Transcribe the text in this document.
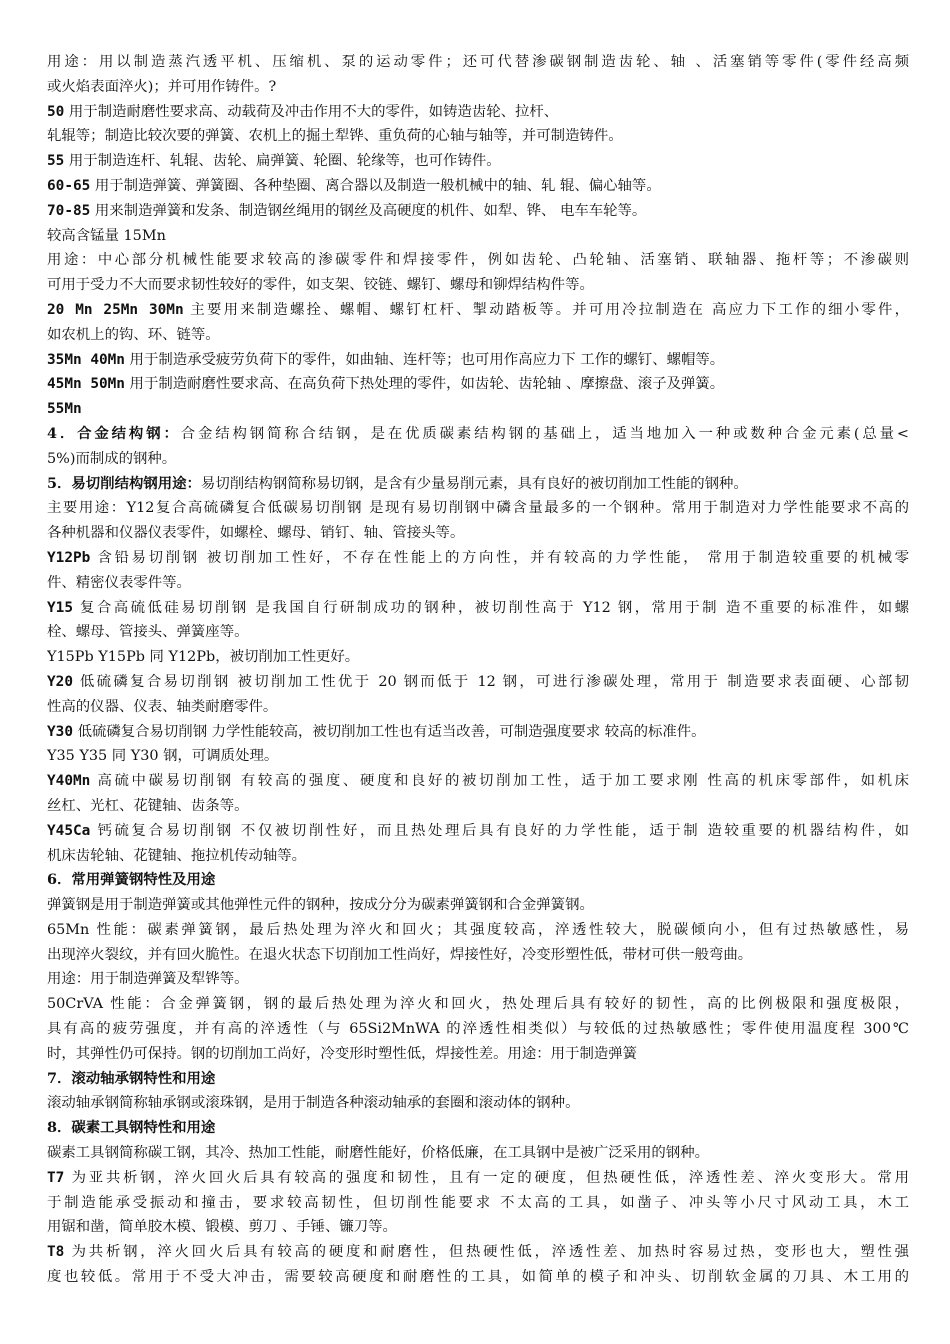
用途：用以制造蒸汽透平机、压缩机、泵的运动零件；还可代替渗碳钢制造齿轮、轴 、活塞销等零件(零件经高频
或火焰表面淬火)；并可用作铸件。?
50 用于制造耐磨性要求高、动载荷及冲击作用不大的零件，如铸造齿轮、拉杆、
轧辊等；制造比较次要的弹簧、农机上的掘土犁铧、重负荷的心轴与轴等，并可制造铸件。
55 用于制造连杆、轧辊、齿轮、扁弹簧、轮圈、轮缘等，也可作铸件。
60-65 用于制造弹簧、弹簧圈、各种垫圈、离合器以及制造一般机械中的轴、轧 辊、偏心轴等。
70-85 用来制造弹簧和发条、制造钢丝绳用的钢丝及高硬度的机件、如犁、铧、 电车车轮等。
较高含锰量 15Mn
用途：中心部分机械性能要求较高的渗碳零件和焊接零件，例如齿轮、凸轮轴、活塞销、联轴器、拖杆等；不渗碳则
可用于受力不大而要求韧性较好的零件，如支架、铰链、螺钉、螺母和铆焊结构件等。
20 Mn 25Mn 30Mn 主要用来制造螺拴、螺帽、螺钉杠杆、掣动踏板等。并可用冷拉制造在 高应力下工作的细小零件，
如农机上的钩、环、链等。
35Mn 40Mn 用于制造承受疲劳负荷下的零件，如曲轴、连杆等；也可用作高应力下 工作的螺钉、螺帽等。
45Mn 50Mn 用于制造耐磨性要求高、在高负荷下热处理的零件，如齿轮、齿轮轴 、摩擦盘、滚子及弹簧。
55Mn
4．合金结构钢：合金结构钢简称合结钢，是在优质碳素结构钢的基础上，适当地加入一种或数种合金元素(总量<
5%)而制成的钢种。
5．易切削结构钢用途：易切削结构钢简称易切钢，是含有少量易削元素，具有良好的被切削加工性能的钢种。
主要用途：Y12复合高硫磷复合低碳易切削钢 是现有易切削钢中磷含量最多的一个钢种。常用于制造对力学性能要求不高的
各种机器和仪器仪表零件，如螺栓、螺母、销钉、轴、管接头等。
Y12Pb 含铅易切削钢 被切削加工性好，不存在性能上的方向性，并有较高的力学性能， 常用于制造较重要的机械零
件、精密仪表零件等。
Y15 复合高硫低硅易切削钢 是我国自行研制成功的钢种，被切削性高于 Y12 钢，常用于制 造不重要的标准件，如螺
栓、螺母、管接头、弹簧座等。
Y15Pb Y15Pb 同 Y12Pb，被切削加工性更好。
Y20 低硫磷复合易切削钢 被切削加工性优于 20 钢而低于 12 钢，可进行渗碳处理，常用于 制造要求表面硬、心部韧
性高的仪器、仪表、轴类耐磨零件。
Y30 低硫磷复合易切削钢 力学性能较高，被切削加工性也有适当改善，可制造强度要求 较高的标准件。
Y35 Y35 同 Y30 钢，可调质处理。
Y40Mn 高硫中碳易切削钢 有较高的强度、硬度和良好的被切削加工性，适于加工要求刚 性高的机床零部件，如机床
丝杠、光杠、花键轴、齿条等。
Y45Ca 钙硫复合易切削钢 不仅被切削性好，而且热处理后具有良好的力学性能，适于制 造较重要的机器结构件，如
机床齿轮轴、花键轴、拖拉机传动轴等。
6．常用弹簧钢特性及用途
弹簧钢是用于制造弹簧或其他弹性元件的钢种，按成分分为碳素弹簧钢和合金弹簧钢。
65Mn 性能：碳素弹簧钢，最后热处理为淬火和回火；其强度较高，淬透性较大，脱碳倾向小，但有过热敏感性，易
出现淬火裂纹，并有回火脆性。在退火状态下切削加工性尚好，焊接性好，冷变形塑性低，带材可供一般弯曲。
用途：用于制造弹簧及犁铧等。
50CrVA 性能：合金弹簧钢，钢的最后热处理为淬火和回火，热处理后具有较好的韧性，高的比例极限和强度极限，
具有高的疲劳强度，并有高的淬透性（与 65Si2MnWA 的淬透性相类似）与较低的过热敏感性；零件使用温度程 300℃
时，其弹性仍可保持。钢的切削加工尚好，冷变形时塑性低，焊接性差。用途：用于制造弹簧
7．滚动轴承钢特性和用途
滚动轴承钢简称轴承钢或滚珠钢，是用于制造各种滚动轴承的套圈和滚动体的钢种。
8．碳素工具钢特性和用途
碳素工具钢简称碳工钢，其冷、热加工性能，耐磨性能好，价格低廉，在工具钢中是被广泛采用的钢种。
T7 为亚共析钢，淬火回火后具有较高的强度和韧性，且有一定的硬度，但热硬性低，淬透性差、淬火变形大。常用
于制造能承受振动和撞击，要求较高韧性，但切削性能要求 不太高的工具，如凿子、冲头等小尺寸风动工具，木工
用锯和凿，简单胶木模、锻模、剪刀 、手锤、镰刀等。
T8 为共析钢，淬火回火后具有较高的硬度和耐磨性，但热硬性低，淬透性差、加热时容易过热，变形也大，塑性强
度也较低。常用于不受大冲击，需要较高硬度和耐磨性的工具，如简单的模子和冲头、切削软金属的刀具、木工用的
